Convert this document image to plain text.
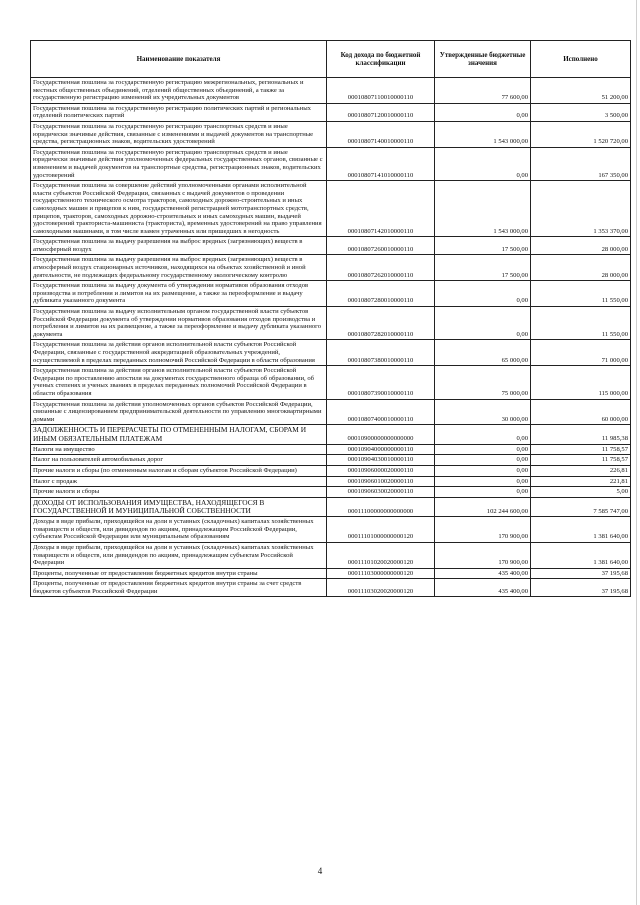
Наименование показателя	Код дохода по бюджетной классификации	Утвержденные бюджетные значения	Исполнено
Государственная пошлина за государственную регистрацию межрегиональных, региональных и местных общественных объединений, отделений общественных объединений, а также за государственную регистрацию изменений их учредительных документов	00010807110010000110	77 600,00	51 200,00
Государственная пошлина за государственную регистрацию политических партий и региональных отделений политических партий	00010807120010000110	0,00	3 500,00
Государственная пошлина за государственную регистрацию транспортных средств и иные юридически значимые действия, связанные с изменениями и выдачей документов на транспортные средства, регистрационных знаков, водительских удостоверений	00010807140010000110	1 543 000,00	1 520 720,00
Государственная пошлина за государственную регистрацию транспортных средств и иные юридически значимые действия уполномоченных федеральных государственных органов, связанные с изменением и выдачей документов на транспортные средства, регистрационных знаков, водительских удостоверений	00010807141010000110	0,00	167 350,00
Государственная пошлина за совершение действий уполномоченными органами исполнительной власти субъектов Российской Федерации, связанных с выдачей документов о проведении государственного технического осмотра тракторов, самоходных дорожно-строительных и иных самоходных машин и прицепов к ним, государственной регистрацией мототранспортных средств, прицепов, тракторов, самоходных дорожно-строительных и иных самоходных машин, выдачей удостоверений тракториста-машиниста (тракториста), временных удостоверений на право управления самоходными машинами, в том числе взамен утраченных или пришедших в негодность	00010807142010000110	1 543 000,00	1 353 370,00
Государственная пошлина за выдачу разрешения на выброс вредных (загрязняющих) веществ в атмосферный воздух	00010807260010000110	17 500,00	28 000,00
Государственная пошлина за выдачу разрешения на выброс вредных (загрязняющих) веществ в атмосферный воздух стационарных источников, находящихся на объектах хозяйственной и иной деятельности, не подлежащих федеральному государственному экологическому контролю	00010807262010000110	17 500,00	28 000,00
Государственная пошлина за выдачу документа об утверждении нормативов образования отходов производства и потребления и лимитов на их размещение, а также за переоформление и выдачу дубликата указанного документа	00010807280010000110	0,00	11 550,00
Государственная пошлина за выдачу исполнительным органом государственной власти субъектов Российской Федерации документа об утверждении нормативов образования отходов производства и потребления и лимитов на их размещение, а также за переоформление и выдачу дубликата указанного документа	00010807282010000110	0,00	11 550,00
Государственная пошлина за действия органов исполнительной власти субъектов Российской Федерации, связанные с государственной аккредитацией образовательных учреждений, осуществляемой в пределах переданных полномочий Российской Федерации в области образования	00010807380010000110	65 000,00	71 000,00
Государственная пошлина за действия органов исполнительной власти субъектов Российской Федерации по проставлению апостиля на документах государственного образца об образовании, об ученых степенях и ученых званиях в пределах переданных полномочий Российской Федерации в области образования	00010807390010000110	75 000,00	115 000,00
Государственная пошлина за действия уполномоченных органов субъектов Российской Федерации, связанные с лицензированием предпринимательской деятельности по управлению многоквартирными домами	00010807400010000110	30 000,00	60 000,00
ЗАДОЛЖЕННОСТЬ И ПЕРЕРАСЧЕТЫ ПО ОТМЕНЕННЫМ НАЛОГАМ, СБОРАМ И ИНЫМ ОБЯЗАТЕЛЬНЫМ ПЛАТЕЖАМ	00010900000000000000	0,00	11 985,38
Налоги на имущество	00010904000000000110	0,00	11 758,57
Налог на пользователей автомобильных дорог	00010904030010000110	0,00	11 758,57
Прочие налоги и сборы (по отмененным налогам и сборам субъектов Российской Федерации)	00010906000020000110	0,00	226,81
Налог с продаж	00010906010020000110	0,00	221,81
Прочие налоги и сборы	00010906030020000110	0,00	5,00
ДОХОДЫ ОТ ИСПОЛЬЗОВАНИЯ ИМУЩЕСТВА, НАХОДЯЩЕГОСЯ В ГОСУДАРСТВЕННОЙ И МУНИЦИПАЛЬНОЙ СОБСТВЕННОСТИ	00011100000000000000	102 244 600,00	7 585 747,00
Доходы в виде прибыли, приходящейся на доли в уставных (складочных) капиталах хозяйственных товариществ и обществ, или дивидендов по акциям, принадлежащим Российской Федерации, субъектам Российской Федерации или муниципальным образованиям	00011101000000000120	170 900,00	1 381 640,00
Доходы в виде прибыли, приходящейся на доли в уставных (складочных) капиталах хозяйственных товариществ и обществ, или дивидендов по акциям, принадлежащим субъектам Российской Федерации	00011101020020000120	170 900,00	1 381 640,00
Проценты, полученные от предоставления бюджетных кредитов внутри страны	00011103000000000120	435 400,00	37 195,68
Проценты, полученные от предоставления бюджетных кредитов внутри страны за счет средств бюджетов субъектов Российской Федерации	00011103020020000120	435 400,00	37 195,68
4
